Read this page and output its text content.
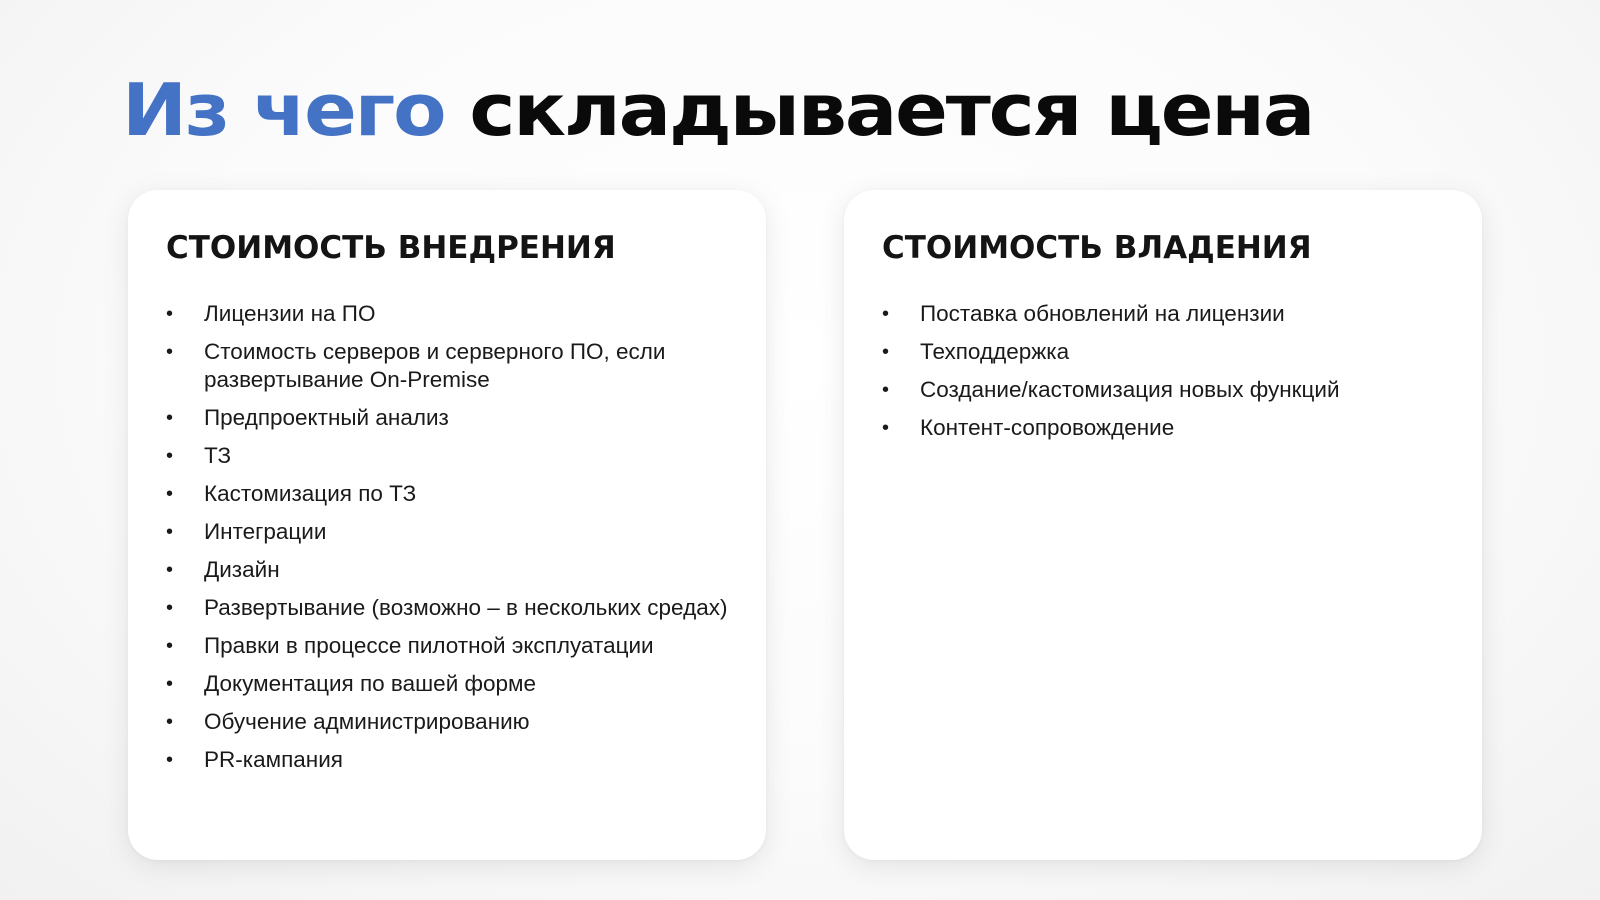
Из чего складывается цена
СТОИМОСТЬ ВНЕДРЕНИЯ
• Лицензии на ПО
• Стоимость серверов и серверного ПО, если развертывание On-Premise
• Предпроектный анализ
• ТЗ
• Кастомизация по ТЗ
• Интеграции
• Дизайн
• Развертывание (возможно – в нескольких средах)
• Правки в процессе пилотной эксплуатации
• Документация по вашей форме
• Обучение администрированию
• PR-кампания
СТОИМОСТЬ ВЛАДЕНИЯ
• Поставка обновлений на лицензии
• Техподдержка
• Создание/кастомизация новых функций
• Контент-сопровождение
